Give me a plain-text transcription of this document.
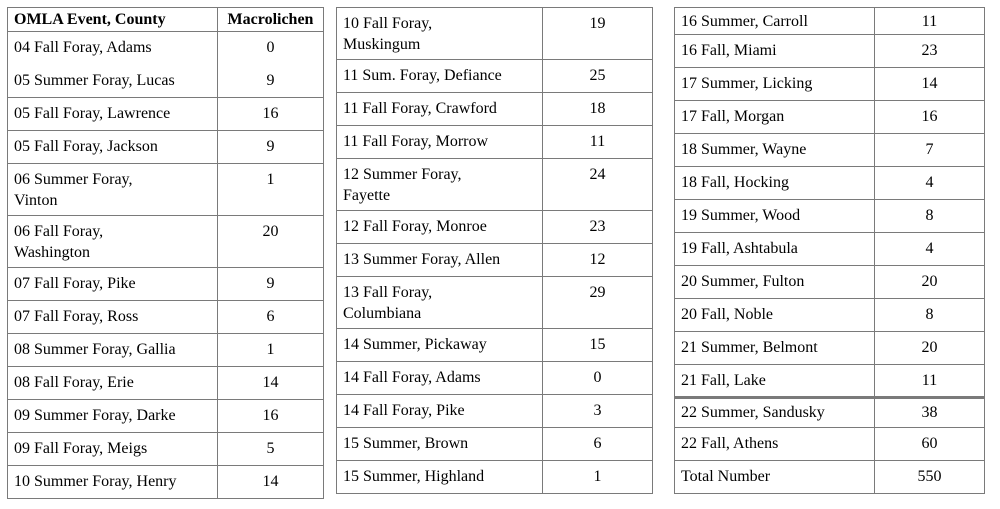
OMLA Event, County	Macrolichen

04 Fall Foray, Adams	0

05 Summer Foray, Lucas	9

05 Fall Foray, Lawrence	16

05 Fall Foray, Jackson	9

06 Summer Foray,
Vinton	1

06 Fall Foray,
Washington	20

07 Fall Foray, Pike	9

07 Fall Foray, Ross	6

08 Summer Foray, Gallia	1

08 Fall Foray, Erie	14

09 Summer Foray, Darke	16

09 Fall Foray, Meigs	5

10 Summer Foray, Henry	14
10 Fall Foray,
Muskingum	19

11 Sum. Foray, Defiance	25

11 Fall Foray, Crawford	18

11 Fall Foray, Morrow	11

12 Summer Foray,
Fayette	24

12 Fall Foray, Monroe	23

13 Summer Foray, Allen	12

13 Fall Foray,
Columbiana	29

14 Summer, Pickaway	15

14 Fall Foray, Adams	0

14 Fall Foray, Pike	3

15 Summer, Brown	6

15 Summer, Highland	1
16 Summer, Carroll	11

16 Fall, Miami	23

17 Summer, Licking	14

17 Fall, Morgan	16

18 Summer, Wayne	7

18 Fall, Hocking	4

19 Summer, Wood	8

19 Fall, Ashtabula	4

20 Summer, Fulton	20

20 Fall, Noble	8

21 Summer, Belmont	20

21 Fall, Lake	11

22 Summer, Sandusky	38

22 Fall, Athens	60

Total Number	550
